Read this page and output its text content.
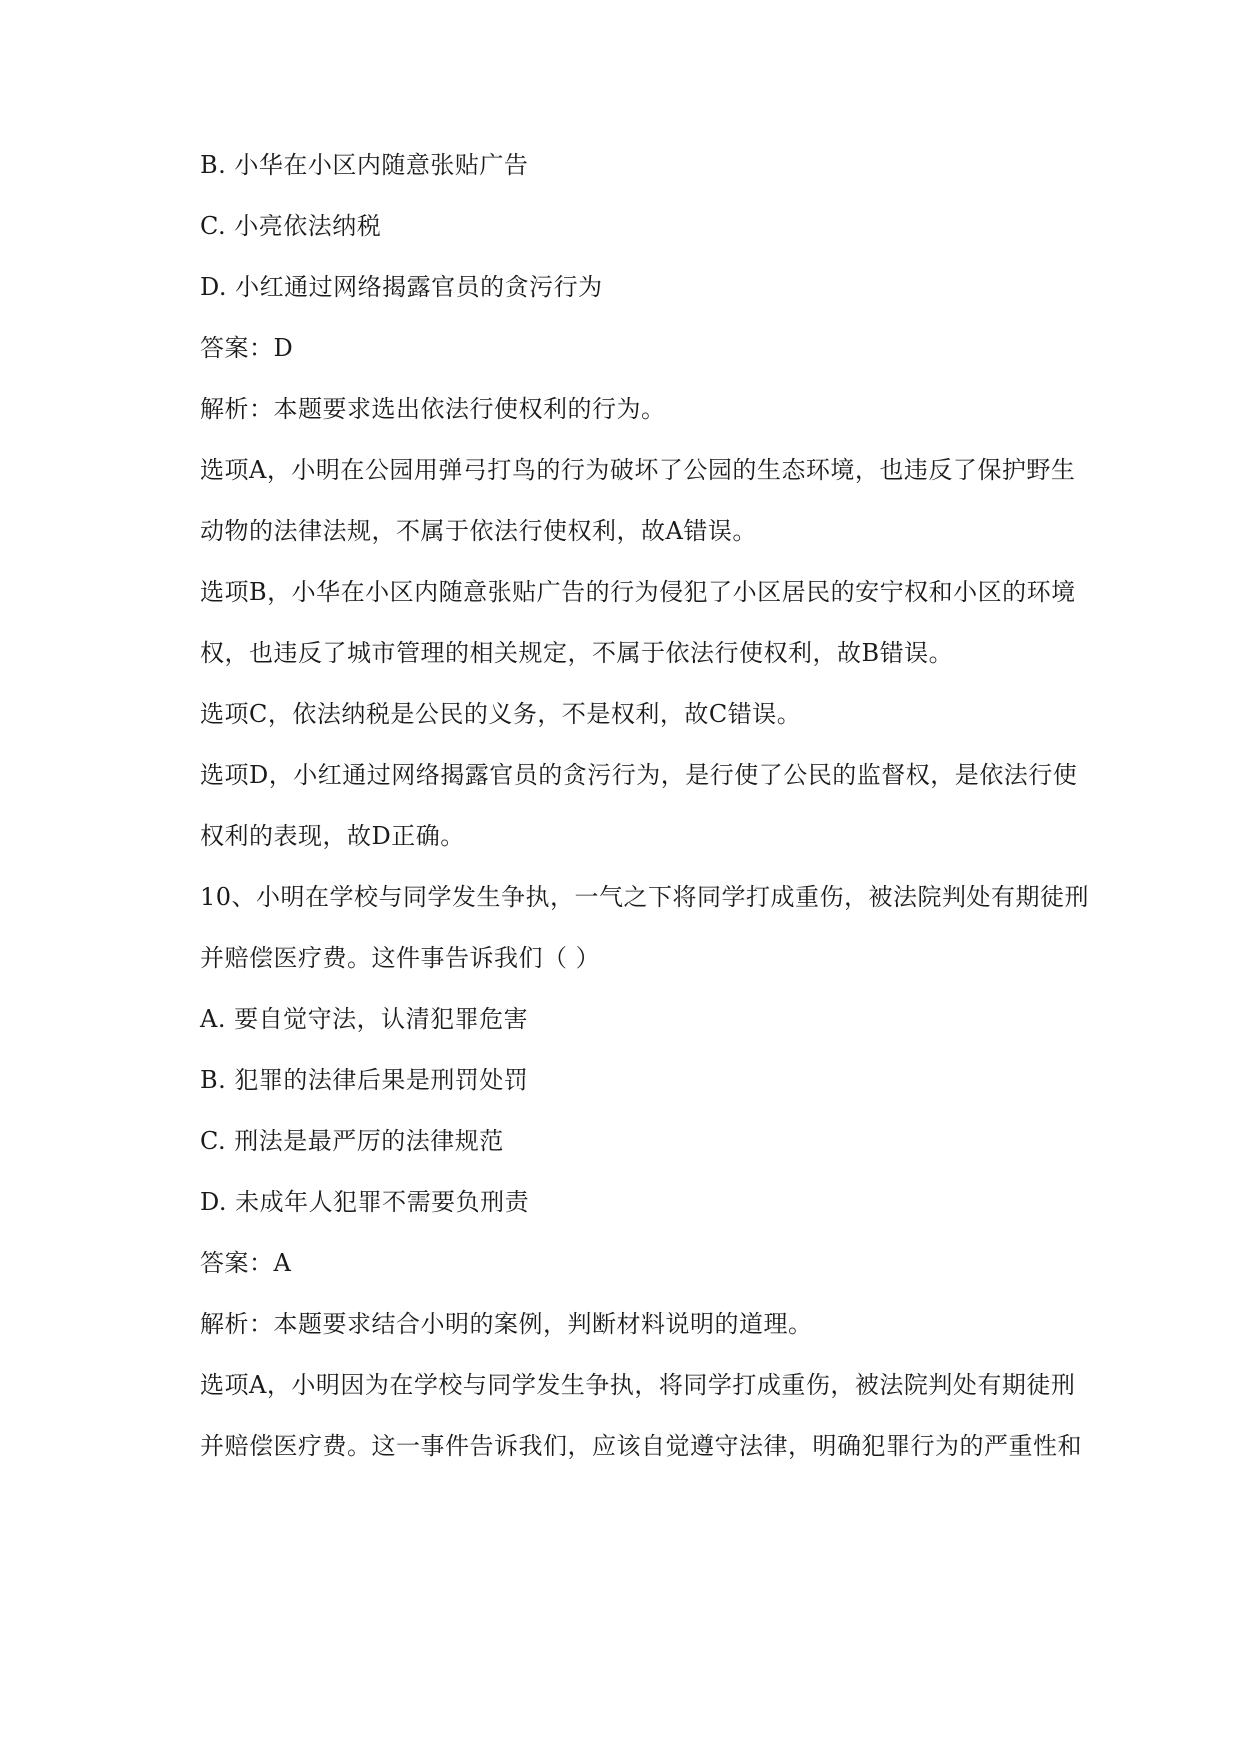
B. 小华在小区内随意张贴广告
C. 小亮依法纳税
D. 小红通过网络揭露官员的贪污行为
答案：D
解析：本题要求选出依法行使权利的行为。
选项A，小明在公园用弹弓打鸟的行为破坏了公园的生态环境，也违反了保护野生
动物的法律法规，不属于依法行使权利，故A错误。
选项B，小华在小区内随意张贴广告的行为侵犯了小区居民的安宁权和小区的环境
权，也违反了城市管理的相关规定，不属于依法行使权利，故B错误。
选项C，依法纳税是公民的义务，不是权利，故C错误。
选项D，小红通过网络揭露官员的贪污行为，是行使了公民的监督权，是依法行使
权利的表现，故D正确。
10、小明在学校与同学发生争执，一气之下将同学打成重伤，被法院判处有期徒刑
并赔偿医疗费。这件事告诉我们（ ）
A. 要自觉守法，认清犯罪危害
B. 犯罪的法律后果是刑罚处罚
C. 刑法是最严厉的法律规范
D. 未成年人犯罪不需要负刑责
答案：A
解析：本题要求结合小明的案例，判断材料说明的道理。
选项A，小明因为在学校与同学发生争执，将同学打成重伤，被法院判处有期徒刑
并赔偿医疗费。这一事件告诉我们，应该自觉遵守法律，明确犯罪行为的严重性和
